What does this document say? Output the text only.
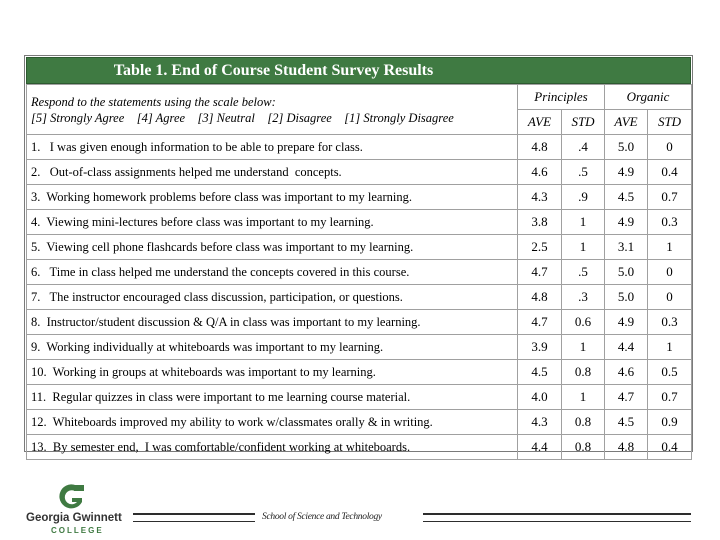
Table 1. End of Course Student Survey Results
Respond to the statements using the scale below:
[5] Strongly Agree    [4] Agree    [3] Neutral    [2] Disagree    [1] Strongly Disagree	Principles		Organic	
	AVE	STD	AVE	STD
1.   I was given enough information to be able to prepare for class.	4.8	.4	5.0	0
2.   Out-of-class assignments helped me understand  concepts.	4.6	.5	4.9	0.4
3.  Working homework problems before class was important to my learning.	4.3	.9	4.5	0.7
4.  Viewing mini-lectures before class was important to my learning.	3.8	1	4.9	0.3
5.  Viewing cell phone flashcards before class was important to my learning.	2.5	1	3.1	1
6.   Time in class helped me understand the concepts covered in this course.	4.7	.5	5.0	0
7.   The instructor encouraged class discussion, participation, or questions.	4.8	.3	5.0	0
8.  Instructor/student discussion & Q/A in class was important to my learning.	4.7	0.6	4.9	0.3
9.  Working individually at whiteboards was important to my learning.	3.9	1	4.4	1
10.  Working in groups at whiteboards was important to my learning.	4.5	0.8	4.6	0.5
11.  Regular quizzes in class were important to me learning course material.	4.0	1	4.7	0.7
12.  Whiteboards improved my ability to work w/classmates orally & in writing.	4.3	0.8	4.5	0.9
13.  By semester end,  I was comfortable/confident working at whiteboards.	4.4	0.8	4.8	0.4
Georgia Gwinnett
COLLEGE
School of Science and Technology
